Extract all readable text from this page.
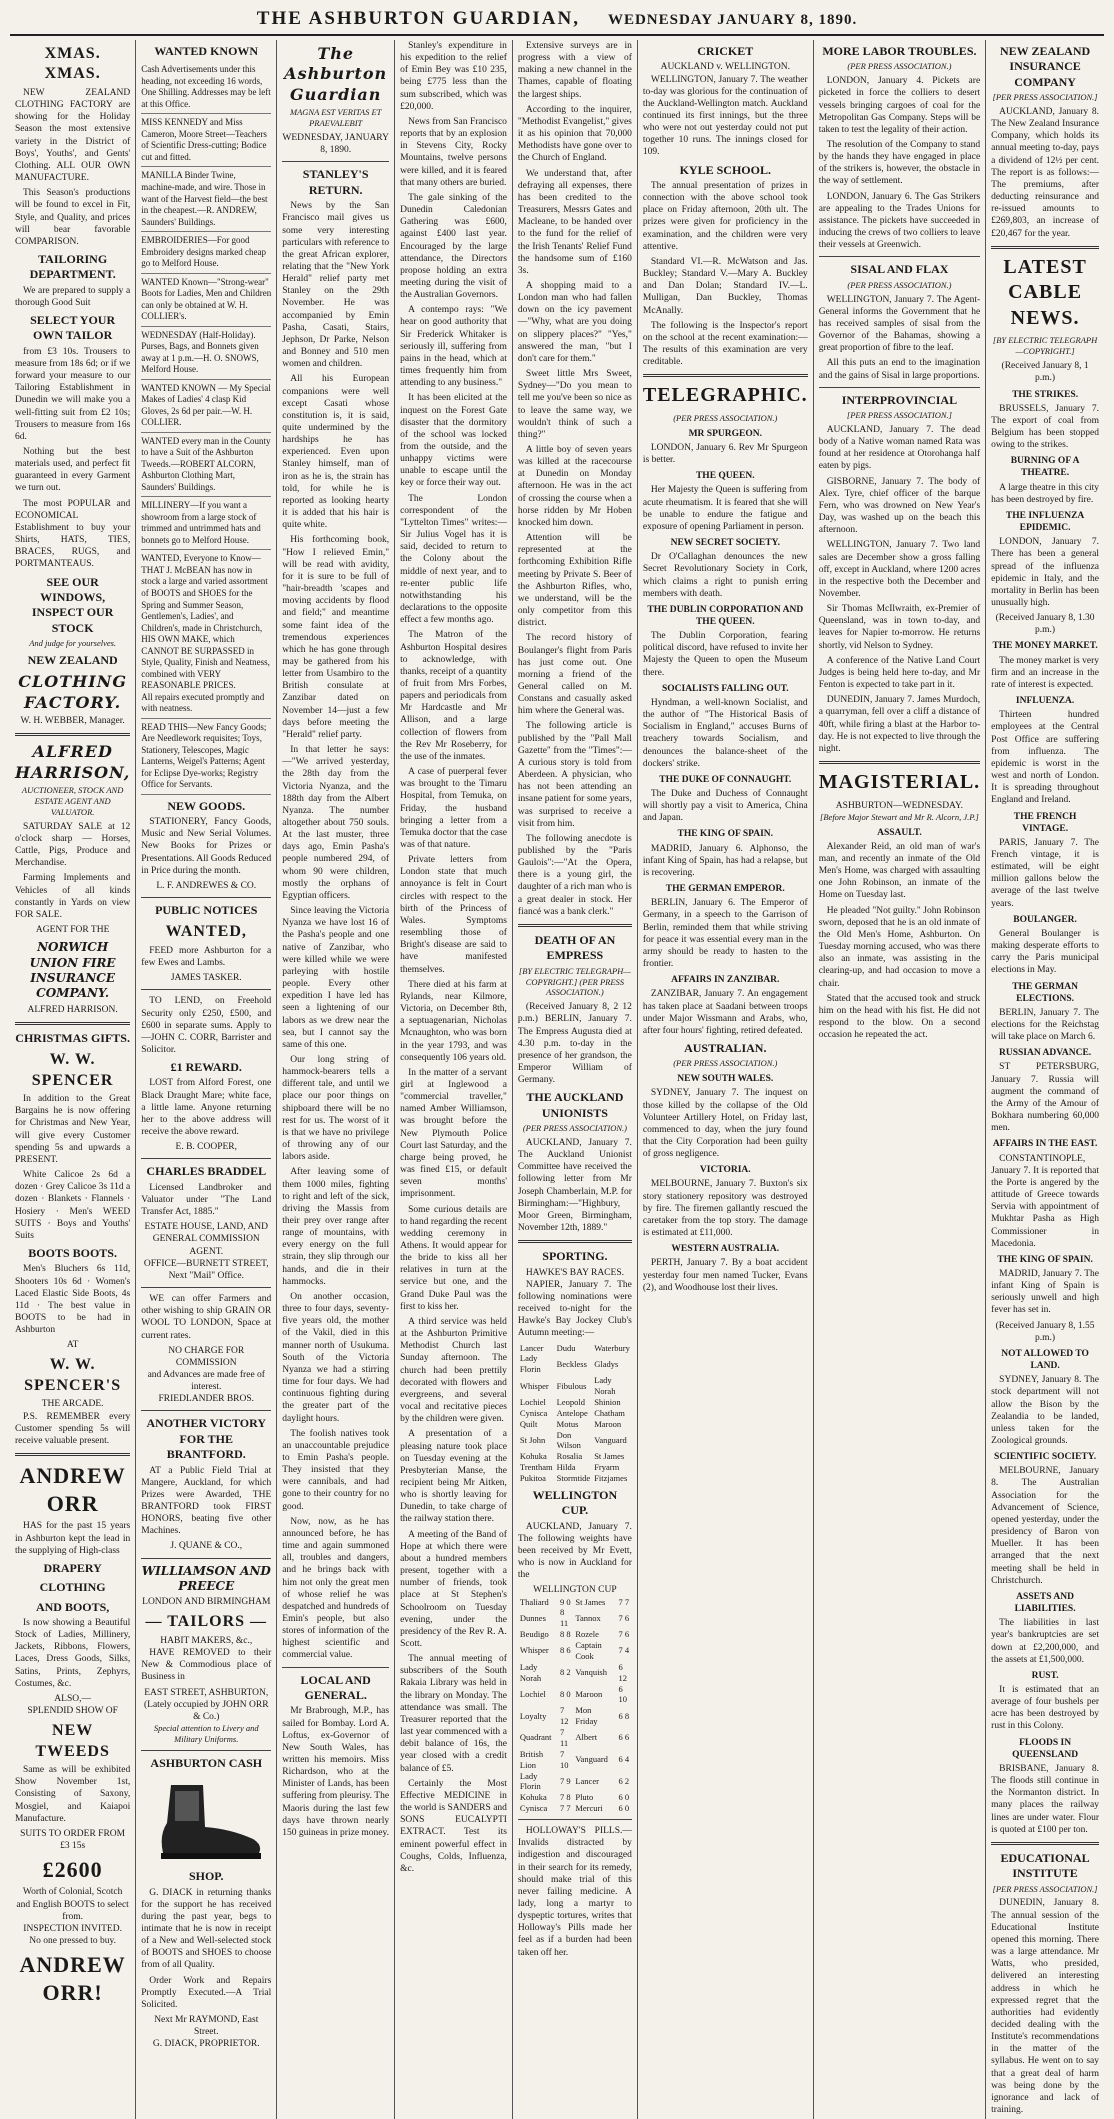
THE ASHBURTON GUARDIAN, WEDNESDAY JANUARY 8, 1890.
XMAS. XMAS.

NEW ZEALAND CLOTHING FACTORY are showing for the Holiday Season the most extensive variety in the District of Boys', Youths', and Gents' Clothing. ALL OUR OWN MANUFACTURE.

This Season's productions will be found to excel in Fit, Style, and Quality, and prices will bear favorable COMPARISON.

TAILORING DEPARTMENT.

We are prepared to supply a thorough Good Suit

SELECT YOUR OWN TAILOR

from £3 10s. Trousers to measure from 18s 6d; or if we forward your measure to our Tailoring Establishment in Dunedin we will make you a well-fitting suit from £2 10s; Trousers to measure from 16s 6d.

Nothing but the best materials used, and perfect fit guaranteed in every Garment we turn out.

The most POPULAR and ECONOMICAL Establishment to buy your Shirts, HATS, TIES, BRACES, RUGS, and PORTMANTEAUS.

SEE OUR WINDOWS, INSPECT OUR STOCK
And judge for yourselves.
NEW ZEALAND
CLOTHING FACTORY.
W. H. WEBBER, Manager.
ALFRED HARRISON,
AUCTIONEER, STOCK AND ESTATE AGENT AND VALUATOR.

SATURDAY SALE at 12 o'clock sharp — Horses, Cattle, Pigs, Produce and Merchandise.

Farming Implements and Vehicles of all kinds constantly in Yards on view FOR SALE.

AGENT FOR THE
NORWICH UNION FIRE INSURANCE COMPANY.
ALFRED HARRISON.
CHRISTMAS GIFTS.
W. W. SPENCER

In addition to the Great Bargains he is now offering for Christmas and New Year, will give every Customer spending 5s and upwards a PRESENT.

White Calicoe 2s 6d a dozen · Grey Calicoe 3s 11d a dozen · Blankets · Flannels · Hosiery · Men's WEED SUITS · Boys and Youths' Suits

BOOTS BOOTS.

Men's Bluchers 6s 11d, Shooters 10s 6d · Women's Laced Elastic Side Boots, 4s 11d · The best value in BOOTS to be had in Ashburton

AT
W. W. SPENCER'S
THE ARCADE.

P.S. REMEMBER every Customer spending 5s will receive valuable present.

ANDREW ORR

HAS for the past 15 years in Ashburton kept the lead in the supplying of High-class

DRAPERY
CLOTHING
AND BOOTS,

Is now showing a Beautiful Stock of Ladies, Millinery, Jackets, Ribbons, Flowers, Laces, Dress Goods, Silks, Satins, Prints, Zephyrs, Costumes, &c.

ALSO,—
SPLENDID SHOW OF
NEW TWEEDS

Same as will be exhibited Show November 1st, Consisting of Saxony, Mosgiel, and Kaiapoi Manufacture.

SUITS TO ORDER FROM £3 15s
£2600
Worth of Colonial, Scotch and English BOOTS to select from.
INSPECTION INVITED.
No one pressed to buy.
ANDREW ORR!
WANTED KNOWN
Cash Advertisements under this heading, not exceeding 16 words, One Shilling. Addresses may be left at this Office.
MISS KENNEDY and Miss Cameron, Moore Street—Teachers of Scientific Dress-cutting; Bodice cut and fitted.
MANILLA Binder Twine, machine-made, and wire. Those in want of the Harvest field—the best in the cheapest.—R. ANDREW, Saunders' Buildings.
EMBROIDERIES—For good Embroidery designs marked cheap go to Melford House.
WANTED Known—"Strong-wear" Boots for Ladies, Men and Children can only be obtained at W. H. COLLIER's.
WEDNESDAY (Half-Holiday). Purses, Bags, and Bonnets given away at 1 p.m.—H. O. SNOWS, Melford House.
WANTED KNOWN — My Special Makes of Ladies' 4 clasp Kid Gloves, 2s 6d per pair.—W. H. COLLIER.
WANTED every man in the County to have a Suit of the Ashburton Tweeds.—ROBERT ALCORN, Ashburton Clothing Mart, Saunders' Buildings.
MILLINERY—If you want a showroom from a large stock of trimmed and untrimmed hats and bonnets go to Melford House.
WANTED, Everyone to Know—THAT J. McBEAN has now in stock a large and varied assortment of BOOTS and SHOES for the Spring and Summer Season, Gentlemen's, Ladies', and Children's, made in Christchurch, HIS OWN MAKE, which CANNOT BE SURPASSED in Style, Quality, Finish and Neatness, combined with VERY REASONABLE PRICES.
All repairs executed promptly and with neatness.
READ THIS—New Fancy Goods; Are Needlework requisites; Toys, Stationery, Telescopes, Magic Lanterns, Weigel's Patterns; Agent for Eclipse Dye-works; Registry Office for Servants.
NEW GOODS.

STATIONERY, Fancy Goods, Music and New Serial Volumes. New Books for Prizes or Presentations. All Goods Reduced in Price during the month.

L. F. ANDREWES & CO.
PUBLIC NOTICES
WANTED,

FEED more Ashburton for a few Ewes and Lambs.

JAMES TASKER.

TO LEND, on Freehold Security only £250, £500, and £600 in separate sums. Apply to—JOHN C. CORR, Barrister and Solicitor.

£1 REWARD.

LOST from Alford Forest, one Black Draught Mare; white face, a little lame. Anyone returning her to the above address will receive the above reward.

E. B. COOPER,
CHARLES BRADDEL

Licensed Landbroker and Valuator under "The Land Transfer Act, 1885."

ESTATE HOUSE, LAND, AND GENERAL COMMISSION AGENT.
OFFICE—BURNETT STREET, Next "Mail" Office.

WE can offer Farmers and other wishing to ship GRAIN OR WOOL TO LONDON, Space at current rates.

NO CHARGE FOR COMMISSION
and Advances are made free of interest.
FRIEDLANDER BROS.
ANOTHER VICTORY FOR THE BRANTFORD.

AT a Public Field Trial at Mangere, Auckland, for which Prizes were Awarded, THE BRANTFORD took FIRST HONORS, beating five other Machines.

J. QUANE & CO.,
WILLIAMSON AND PREECE
LONDON AND BIRMINGHAM
— TAILORS —
HABIT MAKERS, &c.,

HAVE REMOVED to their New & Commodious place of Business in

EAST STREET, ASHBURTON,
(Lately occupied by JOHN ORR & Co.)
Special attention to Livery and Military Uniforms.
ASHBURTON CASH
SHOP.

G. DIACK in returning thanks for the support he has received during the past year, begs to intimate that he is now in receipt of a New and Well-selected stock of BOOTS and SHOES to choose from of all Quality.

Order Work and Repairs Promptly Executed.—A Trial Solicited.

Next Mr RAYMOND, East Street.
G. DIACK, PROPRIETOR.
The Ashburton Guardian
MAGNA EST VERITAS ET PRAEVALEBIT
WEDNESDAY, JANUARY 8, 1890.
STANLEY'S RETURN.

News by the San Francisco mail gives us some very interesting particulars with reference to the great African explorer, relating that the "New York Herald" relief party met Stanley on the 29th November. He was accompanied by Emin Pasha, Casati, Stairs, Jephson, Dr Parke, Nelson and Bonney and 510 men women and children.

All his European companions were well except Casati whose constitution is, it is said, quite undermined by the hardships he has experienced. Even upon Stanley himself, man of iron as he is, the strain has told, for while he is reported as looking hearty it is added that his hair is quite white.

His forthcoming book, "How I relieved Emin," will be read with avidity, for it is sure to be full of "hair-breadth 'scapes and moving accidents by flood and field;" and meantime some faint idea of the tremendous experiences which he has gone through may be gathered from his letter from Usambiro to the British consulate at Zanzibar dated on November 14—just a few days before meeting the "Herald" relief party.

In that letter he says:—"We arrived yesterday, the 28th day from the Victoria Nyanza, and the 188th day from the Albert Nyanza. The number altogether about 750 souls. At the last muster, three days ago, Emin Pasha's people numbered 294, of whom 90 were children, mostly the orphans of Egyptian officers.

Since leaving the Victoria Nyanza we have lost 16 of the Pasha's people and one native of Zanzibar, who were killed while we were parleying with hostile people. Every other expedition I have led has seen a lightening of our labors as we drew near the sea, but I cannot say the same of this one.

Our long string of hammock-bearers tells a different tale, and until we place our poor things on shipboard there will be no rest for us. The worst of it is that we have no privilege of throwing any of our labors aside.

After leaving some of them 1000 miles, fighting to right and left of the sick, driving the Massis from their prey over range after range of mountains, with every energy on the full strain, they slip through our hands, and die in their hammocks.

On another occasion, three to four days, seventy-five years old, the mother of the Vakil, died in this manner north of Usukuma. South of the Victoria Nyanza we had a stirring time for four days. We had continuous fighting during the greater part of the daylight hours.

The foolish natives took an unaccountable prejudice to Emin Pasha's people. They insisted that they were cannibals, and had gone to their country for no good.

Now, now, as he has announced before, he has time and again summoned all, troubles and dangers, and he brings back with him not only the great men of whose relief he was despatched and hundreds of Emin's people, but also stores of information of the highest scientific and commercial value.

LOCAL AND GENERAL.

Mr Brabrough, M.P., has sailed for Bombay. Lord A. Loftus, ex-Governor of New South Wales, has written his memoirs. Miss Richardson, who at the Minister of Lands, has been suffering from pleurisy. The Maoris during the last few days have thrown nearly 150 guineas in prize money.

Stanley's expenditure in his expedition to the relief of Emin Bey was £10 235, being £775 less than the sum subscribed, which was £20,000.

News from San Francisco reports that by an explosion in Stevens City, Rocky Mountains, twelve persons were killed, and it is feared that many others are buried.

The gale sinking of the Dunedin Caledonian Gathering was £600, against £400 last year. Encouraged by the large attendance, the Directors propose holding an extra meeting during the visit of the Australian Governors.

A contempo rays: "We hear on good authority that Sir Frederick Whitaker is seriously ill, suffering from pains in the head, which at times frequently him from attending to any business."

It has been elicited at the inquest on the Forest Gate disaster that the dormitory of the school was locked from the outside, and the unhappy victims were unable to escape until the key or force their way out.

The London correspondent of the "Lyttelton Times" writes:—Sir Julius Vogel has it is said, decided to return to the Colony about the middle of next year, and to re-enter public life notwithstanding his declarations to the opposite effect a few months ago.

The Matron of the Ashburton Hospital desires to acknowledge, with thanks, receipt of a quantity of fruit from Mrs Forbes, papers and periodicals from Mr Hardcastle and Mr Allison, and a large collection of flowers from the Rev Mr Roseberry, for the use of the inmates.

A case of puerperal fever was brought to the Timaru Hospital, from Temuka, on Friday, the husband bringing a letter from a Temuka doctor that the case was of that nature.

Private letters from London state that much annoyance is felt in Court circles with respect to the birth of the Princess of Wales. Symptoms resembling those of Bright's disease are said to have manifested themselves.

There died at his farm at Rylands, near Kilmore, Victoria, on December 8th, a septuagenarian, Nicholas Mcnaughton, who was born in the year 1793, and was consequently 106 years old.

In the matter of a servant girl at Inglewood a "commercial traveller," named Amber Williamson, was brought before the New Plymouth Police Court last Saturday, and the charge being proved, he was fined £15, or default seven months' imprisonment.

Some curious details are to hand regarding the recent wedding ceremony in Athens. It would appear for the bride to kiss all her relatives in turn at the service but one, and the Grand Duke Paul was the first to kiss her.

A third service was held at the Ashburton Primitive Methodist Church last Sunday afternoon. The church had been prettily decorated with flowers and evergreens, and several vocal and recitative pieces by the children were given.

A presentation of a pleasing nature took place on Tuesday evening at the Presbyterian Manse, the recipient being Mr Aitken, who is shortly leaving for Dunedin, to take charge of the railway station there.

A meeting of the Band of Hope at which there were about a hundred members present, together with a number of friends, took place at St Stephen's Schoolroom on Tuesday evening, under the presidency of the Rev R. A. Scott.

The annual meeting of subscribers of the South Rakaia Library was held in the library on Monday. The attendance was small. The Treasurer reported that the last year commenced with a debit balance of 16s, the year closed with a credit balance of £5.

Certainly the Most Effective MEDICINE in the world is SANDERS and SONS EUCALYPTI EXTRACT. Test its eminent powerful effect in Coughs, Colds, Influenza, &c.

Extensive surveys are in progress with a view of making a new channel in the Thames, capable of floating the largest ships.

According to the inquirer, "Methodist Evangelist," gives it as his opinion that 70,000 Methodists have gone over to the Church of England.

We understand that, after defraying all expenses, there has been credited to the Treasurers, Messrs Gates and Macleane, to be handed over to the fund for the relief of the Irish Tenants' Relief Fund the handsome sum of £160 3s.

A shopping maid to a London man who had fallen down on the icy pavement—"Why, what are you doing on slippery places?" "Yes," answered the man, "but I don't care for them."

Sweet little Mrs Sweet, Sydney—"Do you mean to tell me you've been so nice as to leave the same way, we wouldn't think of such a thing?"

A little boy of seven years was killed at the racecourse at Dunedin on Monday afternoon. He was in the act of crossing the course when a horse ridden by Mr Hoben knocked him down.

Attention will be represented at the forthcoming Exhibition Rifle meeting by Private S. Beer of the Ashburton Rifles, who, we understand, will be the only competitor from this district.

The record history of Boulanger's flight from Paris has just come out. One morning a friend of the General called on M. Constans and casually asked him where the General was.

The following article is published by the "Pall Mall Gazette" from the "Times":—A curious story is told from Aberdeen. A physician, who has not been attending an insane patient for some years, was surprised to receive a visit from him.

The following anecdote is published by the "Paris Gaulois":—"At the Opera, there is a young girl, the daughter of a rich man who is a great dealer in stock. Her fiancé was a bank clerk."

DEATH OF AN EMPRESS
[BY ELECTRIC TELEGRAPH—COPYRIGHT.] (PER PRESS ASSOCIATION.)

(Received January 8, 2 12 p.m.) BERLIN, January 7. The Empress Augusta died at 4.30 p.m. to-day in the presence of her grandson, the Emperor William of Germany.

THE AUCKLAND UNIONISTS
(PER PRESS ASSOCIATION.)

AUCKLAND, January 7. The Auckland Unionist Committee have received the following letter from Mr Joseph Chamberlain, M.P. for Birmingham:—"Highbury, Moor Green, Birmingham, November 12th, 1889."

SPORTING.
HAWKE'S BAY RACES.

NAPIER, January 7. The following nominations were received to-night for the Hawke's Bay Jockey Club's Autumn meeting:—

Lancer	Dudu	Waterbury
Lady Florin	Beckless	Gladys
Whisper	Fibulous	Lady Norah
Lochiel	Leopold	Shinion
Cynisca	Antelope	Chatham
Quilt	Motus	Maroon
St John	Don Wilson	Vanguard
Kohuka	Rosalia	St James
Trentham	Hilda	Fryarm
Pukitoa	Stormtide	Fitzjames
WELLINGTON CUP.

AUCKLAND, January 7. The following weights have been received by Mr Evett, who is now in Auckland for the

WELLINGTON CUP
Thaliard	9 0	St James	7 7
Dunnes	8 11	Tannox	7 6
Beudigo	8 8	Rozele	7 6
Whisper	8 6	Captain Cook	7 4
Lady Norah	8 2	Vanquish	6 12
Lochiel	8 0	Maroon	6 10
Loyalty	7 12	Mon Friday	6 8
Quadrant	7 11	Albert	6 6
British Lion	7 10	Vanguard	6 4
Lady Florin	7 9	Lancer	6 2
Kohuka	7 8	Pluto	6 0
Cynisca	7 7	Mercuri	6 0

HOLLOWAY'S PILLS.—Invalids distracted by indigestion and discouraged in their search for its remedy, should make trial of this never failing medicine. A lady, long a martyr to dyspeptic tortures, writes that Holloway's Pills made her feel as if a burden had been taken off her.

CRICKET
AUCKLAND v. WELLINGTON.

WELLINGTON, January 7. The weather to-day was glorious for the continuation of the Auckland-Wellington match. Auckland continued its first innings, but the three who were not out yesterday could not put together 10 runs. The innings closed for 109.

KYLE SCHOOL.

The annual presentation of prizes in connection with the above school took place on Friday afternoon, 20th ult. The prizes were given for proficiency in the examination, and the children were very attentive.

Standard VI.—R. McWatson and Jas. Buckley; Standard V.—Mary A. Buckley and Dan Dolan; Standard IV.—L. Mulligan, Dan Buckley, Thomas McAnally.

The following is the Inspector's report on the school at the recent examination:—The results of this examination are very creditable.

TELEGRAPHIC.
(PER PRESS ASSOCIATION.)
MR SPURGEON.

LONDON, January 6. Rev Mr Spurgeon is better.

THE QUEEN.

Her Majesty the Queen is suffering from acute rheumatism. It is feared that she will be unable to endure the fatigue and exposure of opening Parliament in person.

NEW SECRET SOCIETY.

Dr O'Callaghan denounces the new Secret Revolutionary Society in Cork, which claims a right to punish erring members with death.

THE DUBLIN CORPORATION AND THE QUEEN.

The Dublin Corporation, fearing political discord, have refused to invite her Majesty the Queen to open the Museum there.

SOCIALISTS FALLING OUT.

Hyndman, a well-known Socialist, and the author of "The Historical Basis of Socialism in England," accuses Burns of treachery towards Socialism, and denounces the balance-sheet of the dockers' strike.

THE DUKE OF CONNAUGHT.

The Duke and Duchess of Connaught will shortly pay a visit to America, China and Japan.

THE KING OF SPAIN.

MADRID, January 6. Alphonso, the infant King of Spain, has had a relapse, but is recovering.

THE GERMAN EMPEROR.

BERLIN, January 6. The Emperor of Germany, in a speech to the Garrison of Berlin, reminded them that while striving for peace it was essential every man in the army should be ready to hasten to the frontier.

AFFAIRS IN ZANZIBAR.

ZANZIBAR, January 7. An engagement has taken place at Saadani between troops under Major Wissmann and Arabs, who, after four hours' fighting, retired defeated.

AUSTRALIAN.
(PER PRESS ASSOCIATION.)
NEW SOUTH WALES.

SYDNEY, January 7. The inquest on those killed by the collapse of the Old Volunteer Artillery Hotel, on Friday last, commenced to day, when the jury found that the City Corporation had been guilty of gross negligence.

VICTORIA.

MELBOURNE, January 7. Buxton's six story stationery repository was destroyed by fire. The firemen gallantly rescued the caretaker from the top story. The damage is estimated at £11,000.

WESTERN AUSTRALIA.

PERTH, January 7. By a boat accident yesterday four men named Tucker, Evans (2), and Woodhouse lost their lives.

MORE LABOR TROUBLES.
(PER PRESS ASSOCIATION.)

LONDON, January 4. Pickets are picketed in force the colliers to desert vessels bringing cargoes of coal for the Metropolitan Gas Company. Steps will be taken to test the legality of their action.

The resolution of the Company to stand by the hands they have engaged in place of the strikers is, however, the obstacle in the way of settlement.

LONDON, January 6. The Gas Strikers are appealing to the Trades Unions for assistance. The pickets have succeeded in inducing the crews of two colliers to leave their vessels at Greenwich.

SISAL AND FLAX
(PER PRESS ASSOCIATION.)

WELLINGTON, January 7. The Agent-General informs the Government that he has received samples of sisal from the Governor of the Bahamas, showing a great proportion of fibre to the leaf.

All this puts an end to the imagination and the gains of Sisal in large proportions.

INTERPROVINCIAL
[PER PRESS ASSOCIATION.]

AUCKLAND, January 7. The dead body of a Native woman named Rata was found at her residence at Otorohanga half eaten by pigs.

GISBORNE, January 7. The body of Alex. Tyre, chief officer of the barque Fern, who was drowned on New Year's Day, was washed up on the beach this afternoon.

WELLINGTON, January 7. Two land sales are December show a gross falling off, except in Auckland, where 1200 acres in the respective both the December and November.

Sir Thomas McIlwraith, ex-Premier of Queensland, was in town to-day, and leaves for Napier to-morrow. He returns shortly, vid Nelson to Sydney.

A conference of the Native Land Court Judges is being held here to-day, and Mr Fenton is expected to take part in it.

DUNEDIN, January 7. James Murdoch, a quarryman, fell over a cliff a distance of 40ft, while firing a blast at the Harbor to-day. He is not expected to live through the night.

MAGISTERIAL.
ASHBURTON—WEDNESDAY.
[Before Major Stewart and Mr R. Alcorn, J.P.]
ASSAULT.

Alexander Reid, an old man of war's man, and recently an inmate of the Old Men's Home, was charged with assaulting one John Robinson, an inmate of the Home on Tuesday last.

He pleaded "Not guilty." John Robinson sworn, deposed that he is an old inmate of the Old Men's Home, Ashburton. On Tuesday morning accused, who was there also an inmate, was assisting in the clearing-up, and had occasion to move a chair.

Stated that the accused took and struck him on the head with his fist. He did not respond to the blow. On a second occasion he repeated the act.

NEW ZEALAND INSURANCE COMPANY
[PER PRESS ASSOCIATION.]

AUCKLAND, January 8. The New Zealand Insurance Company, which holds its annual meeting to-day, pays a dividend of 12½ per cent. The report is as follows:—The premiums, after deducting reinsurance and re-issued amounts to £269,803, an increase of £20,467 for the year.

LATEST CABLE NEWS.
[BY ELECTRIC TELEGRAPH—COPYRIGHT.]
(Received January 8, 1 p.m.)
THE STRIKES.

BRUSSELS, January 7. The export of coal from Belgium has been stopped owing to the strikes.

BURNING OF A THEATRE.

A large theatre in this city has been destroyed by fire.

THE INFLUENZA EPIDEMIC.

LONDON, January 7. There has been a general spread of the influenza epidemic in Italy, and the mortality in Berlin has been unusually high.

(Received January 8, 1.30 p.m.)
THE MONEY MARKET.

The money market is very firm and an increase in the rate of interest is expected.

INFLUENZA.

Thirteen hundred employees at the Central Post Office are suffering from influenza. The epidemic is worst in the west and north of London. It is spreading throughout England and Ireland.

THE FRENCH VINTAGE.

PARIS, January 7. The French vintage, it is estimated, will be eight million gallons below the average of the last twelve years.

BOULANGER.

General Boulanger is making desperate efforts to carry the Paris municipal elections in May.

THE GERMAN ELECTIONS.

BERLIN, January 7. The elections for the Reichstag will take place on March 6.

RUSSIAN ADVANCE.

ST PETERSBURG, January 7. Russia will augment the command of the Army of the Amour of Bokhara numbering 60,000 men.

AFFAIRS IN THE EAST.

CONSTANTINOPLE, January 7. It is reported that the Porte is angered by the attitude of Greece towards Servia with appointment of Mukhtar Pasha as High Commissioner in Macedonia.

THE KING OF SPAIN.

MADRID, January 7. The infant King of Spain is seriously unwell and high fever has set in.

(Received January 8, 1.55 p.m.)
NOT ALLOWED TO LAND.

SYDNEY, January 8. The stock department will not allow the Bison by the Zealandia to be landed, unless taken for the Zoological grounds.

SCIENTIFIC SOCIETY.

MELBOURNE, January 8. The Australian Association for the Advancement of Science, opened yesterday, under the presidency of Baron von Mueller. It has been arranged that the next meeting shall be held in Christchurch.

ASSETS AND LIABILITIES.

The liabilities in last year's bankruptcies are set down at £2,200,000, and the assets at £1,500,000.

RUST.

It is estimated that an average of four bushels per acre has been destroyed by rust in this Colony.

FLOODS IN QUEENSLAND

BRISBANE, January 8. The floods still continue in the Normanton district. In many places the railway lines are under water. Flour is quoted at £100 per ton.

EDUCATIONAL INSTITUTE
[PER PRESS ASSOCIATION.]

DUNEDIN, January 8. The annual session of the Educational Institute opened this morning. There was a large attendance. Mr Watts, who presided, delivered an interesting address in which he expressed regret that the authorities had evidently decided dealing with the Institute's recommendations in the matter of the syllabus. He went on to say that a great deal of harm was being done by the ignorance and lack of training.
